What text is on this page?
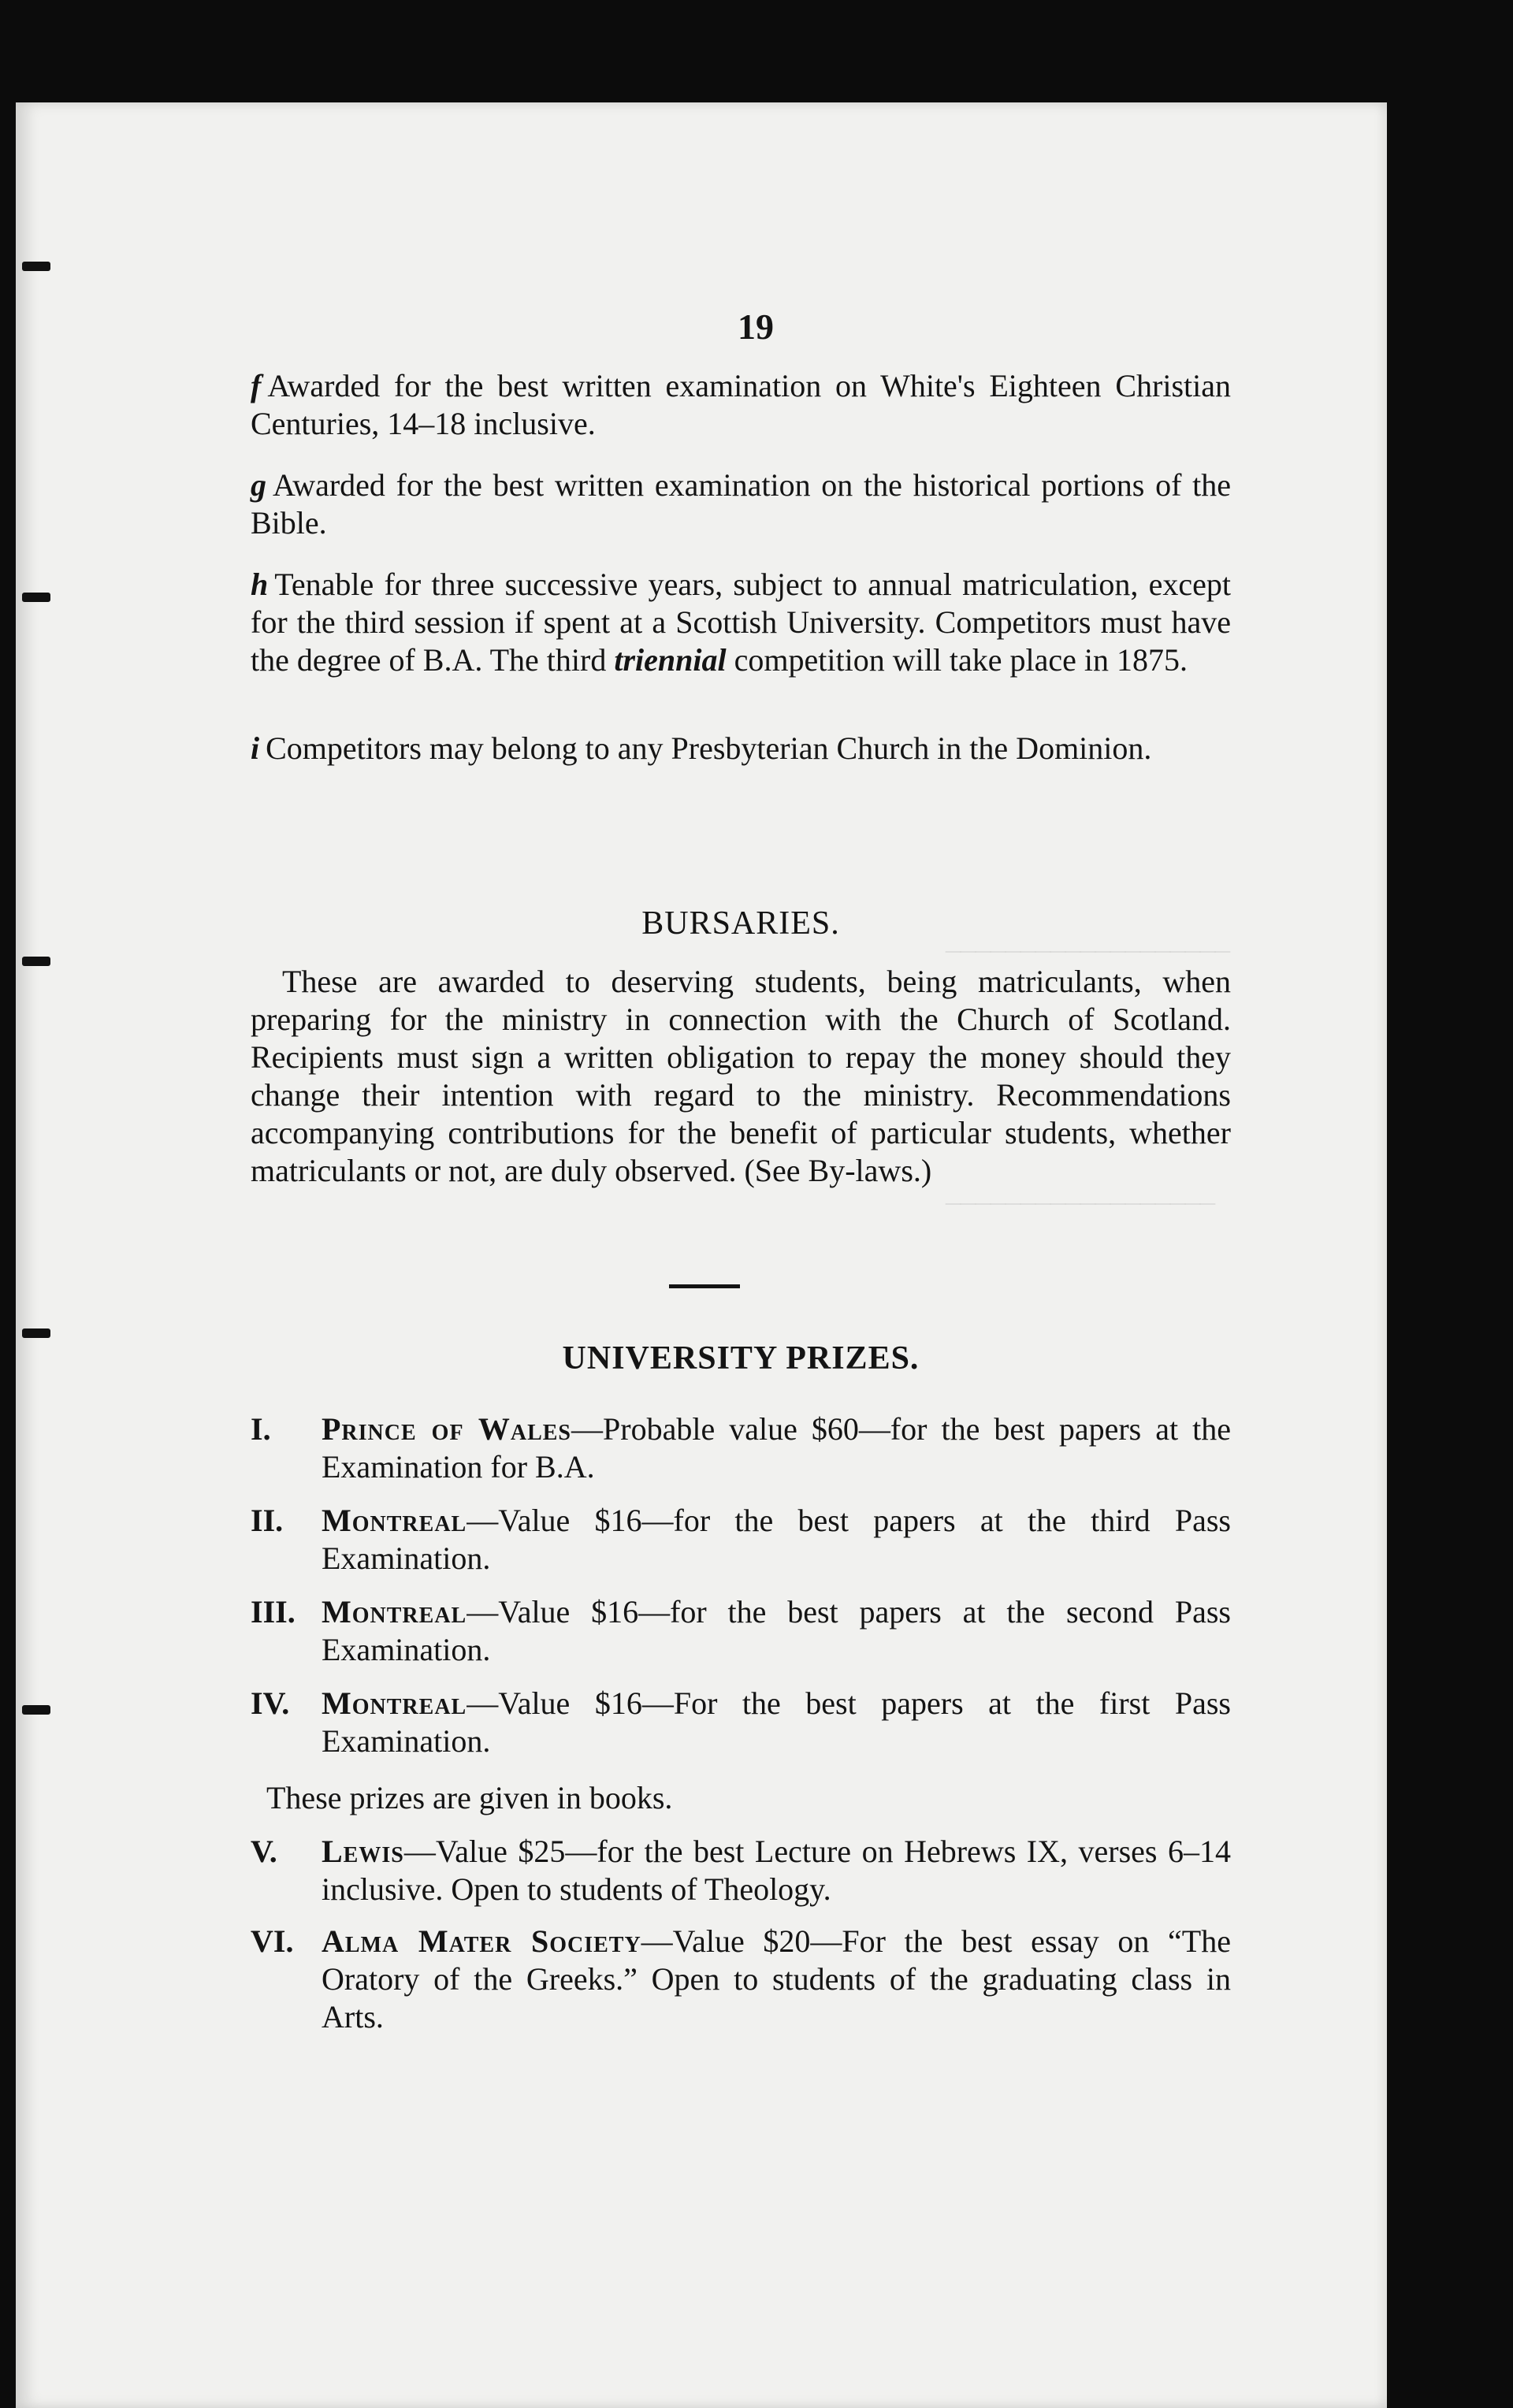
___________________
__________________
19
f Awarded for the best written examination on White's Eighteen Christian Centuries, 14–18 inclusive.
g Awarded for the best written examination on the historical portions of the Bible.
h Tenable for three successive years, subject to annual matriculation, except for the third session if spent at a Scottish University. Competitors must have the degree of B.A. The third triennial competition will take place in 1875.
i Competitors may belong to any Presbyterian Church in the Dominion.
BURSARIES.
These are awarded to deserving students, being matriculants, when preparing for the ministry in connection with the Church of Scotland. Recipients must sign a written obligation to repay the money should they change their intention with regard to the ministry. Recommendations accompanying contributions for the benefit of particular students, whether matriculants or not, are duly observed. (See By-laws.)
UNIVERSITY PRIZES.
I.	Prince of Wales—Probable value $60—for the best papers at the Examination for B.A.
II.	Montreal—Value $16—for the best papers at the third Pass Examination.
III. Montreal—Value $16—for the best papers at the second Pass Examination.
IV.	Montreal—Value $16—For the best papers at the first Pass Examination.
These prizes are given in books.
V.	Lewis—Value $25—for the best Lecture on Hebrews IX, verses 6–14 inclusive. Open to students of Theology.
VI. Alma Mater Society—Value $20—For the best essay on “The Oratory of the Greeks.” Open to students of the graduating class in Arts.
